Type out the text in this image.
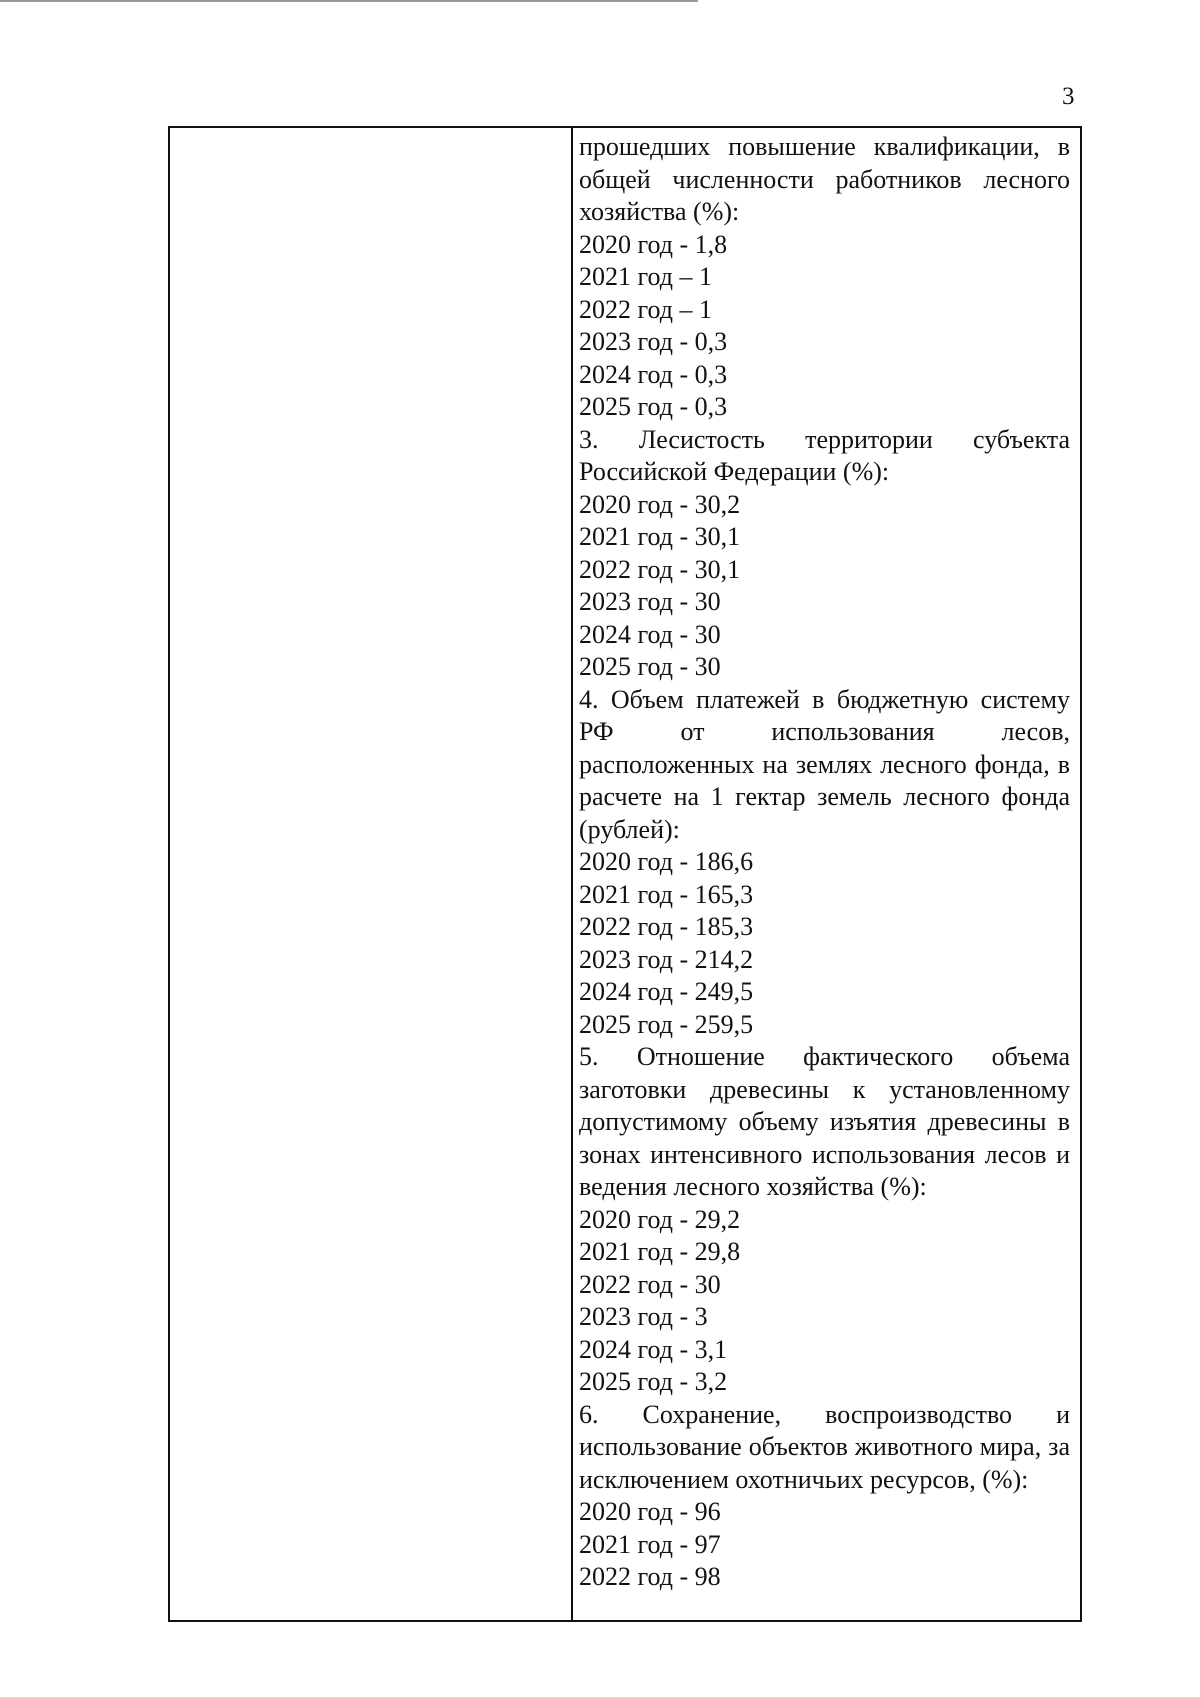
3

прошедших повышение квалификации, в общей численности работников лесного хозяйства (%):

2020 год - 1,8

2021 год – 1

2022 год – 1

2023 год - 0,3

2024 год - 0,3

2025 год - 0,3

3. Лесистость территории субъекта Российской Федерации (%):

2020 год - 30,2

2021 год - 30,1

2022 год - 30,1

2023 год - 30

2024 год - 30

2025 год - 30

4. Объем платежей в бюджетную систему РФ от использования лесов, расположенных на землях лесного фонда, в расчете на 1 гектар земель лесного фонда (рублей):

2020 год - 186,6

2021 год - 165,3

2022 год - 185,3

2023 год - 214,2

2024 год - 249,5

2025 год - 259,5

5. Отношение фактического объема заготовки древесины к установленному допустимому объему изъятия древесины в зонах интенсивного использования лесов и ведения лесного хозяйства (%):

2020 год - 29,2

2021 год - 29,8

2022 год - 30

2023 год - 3

2024 год - 3,1

2025 год - 3,2

6. Сохранение, воспроизводство и использование объектов животного мира, за исключением охотничьих ресурсов, (%):

2020 год - 96

2021 год - 97

2022 год - 98
